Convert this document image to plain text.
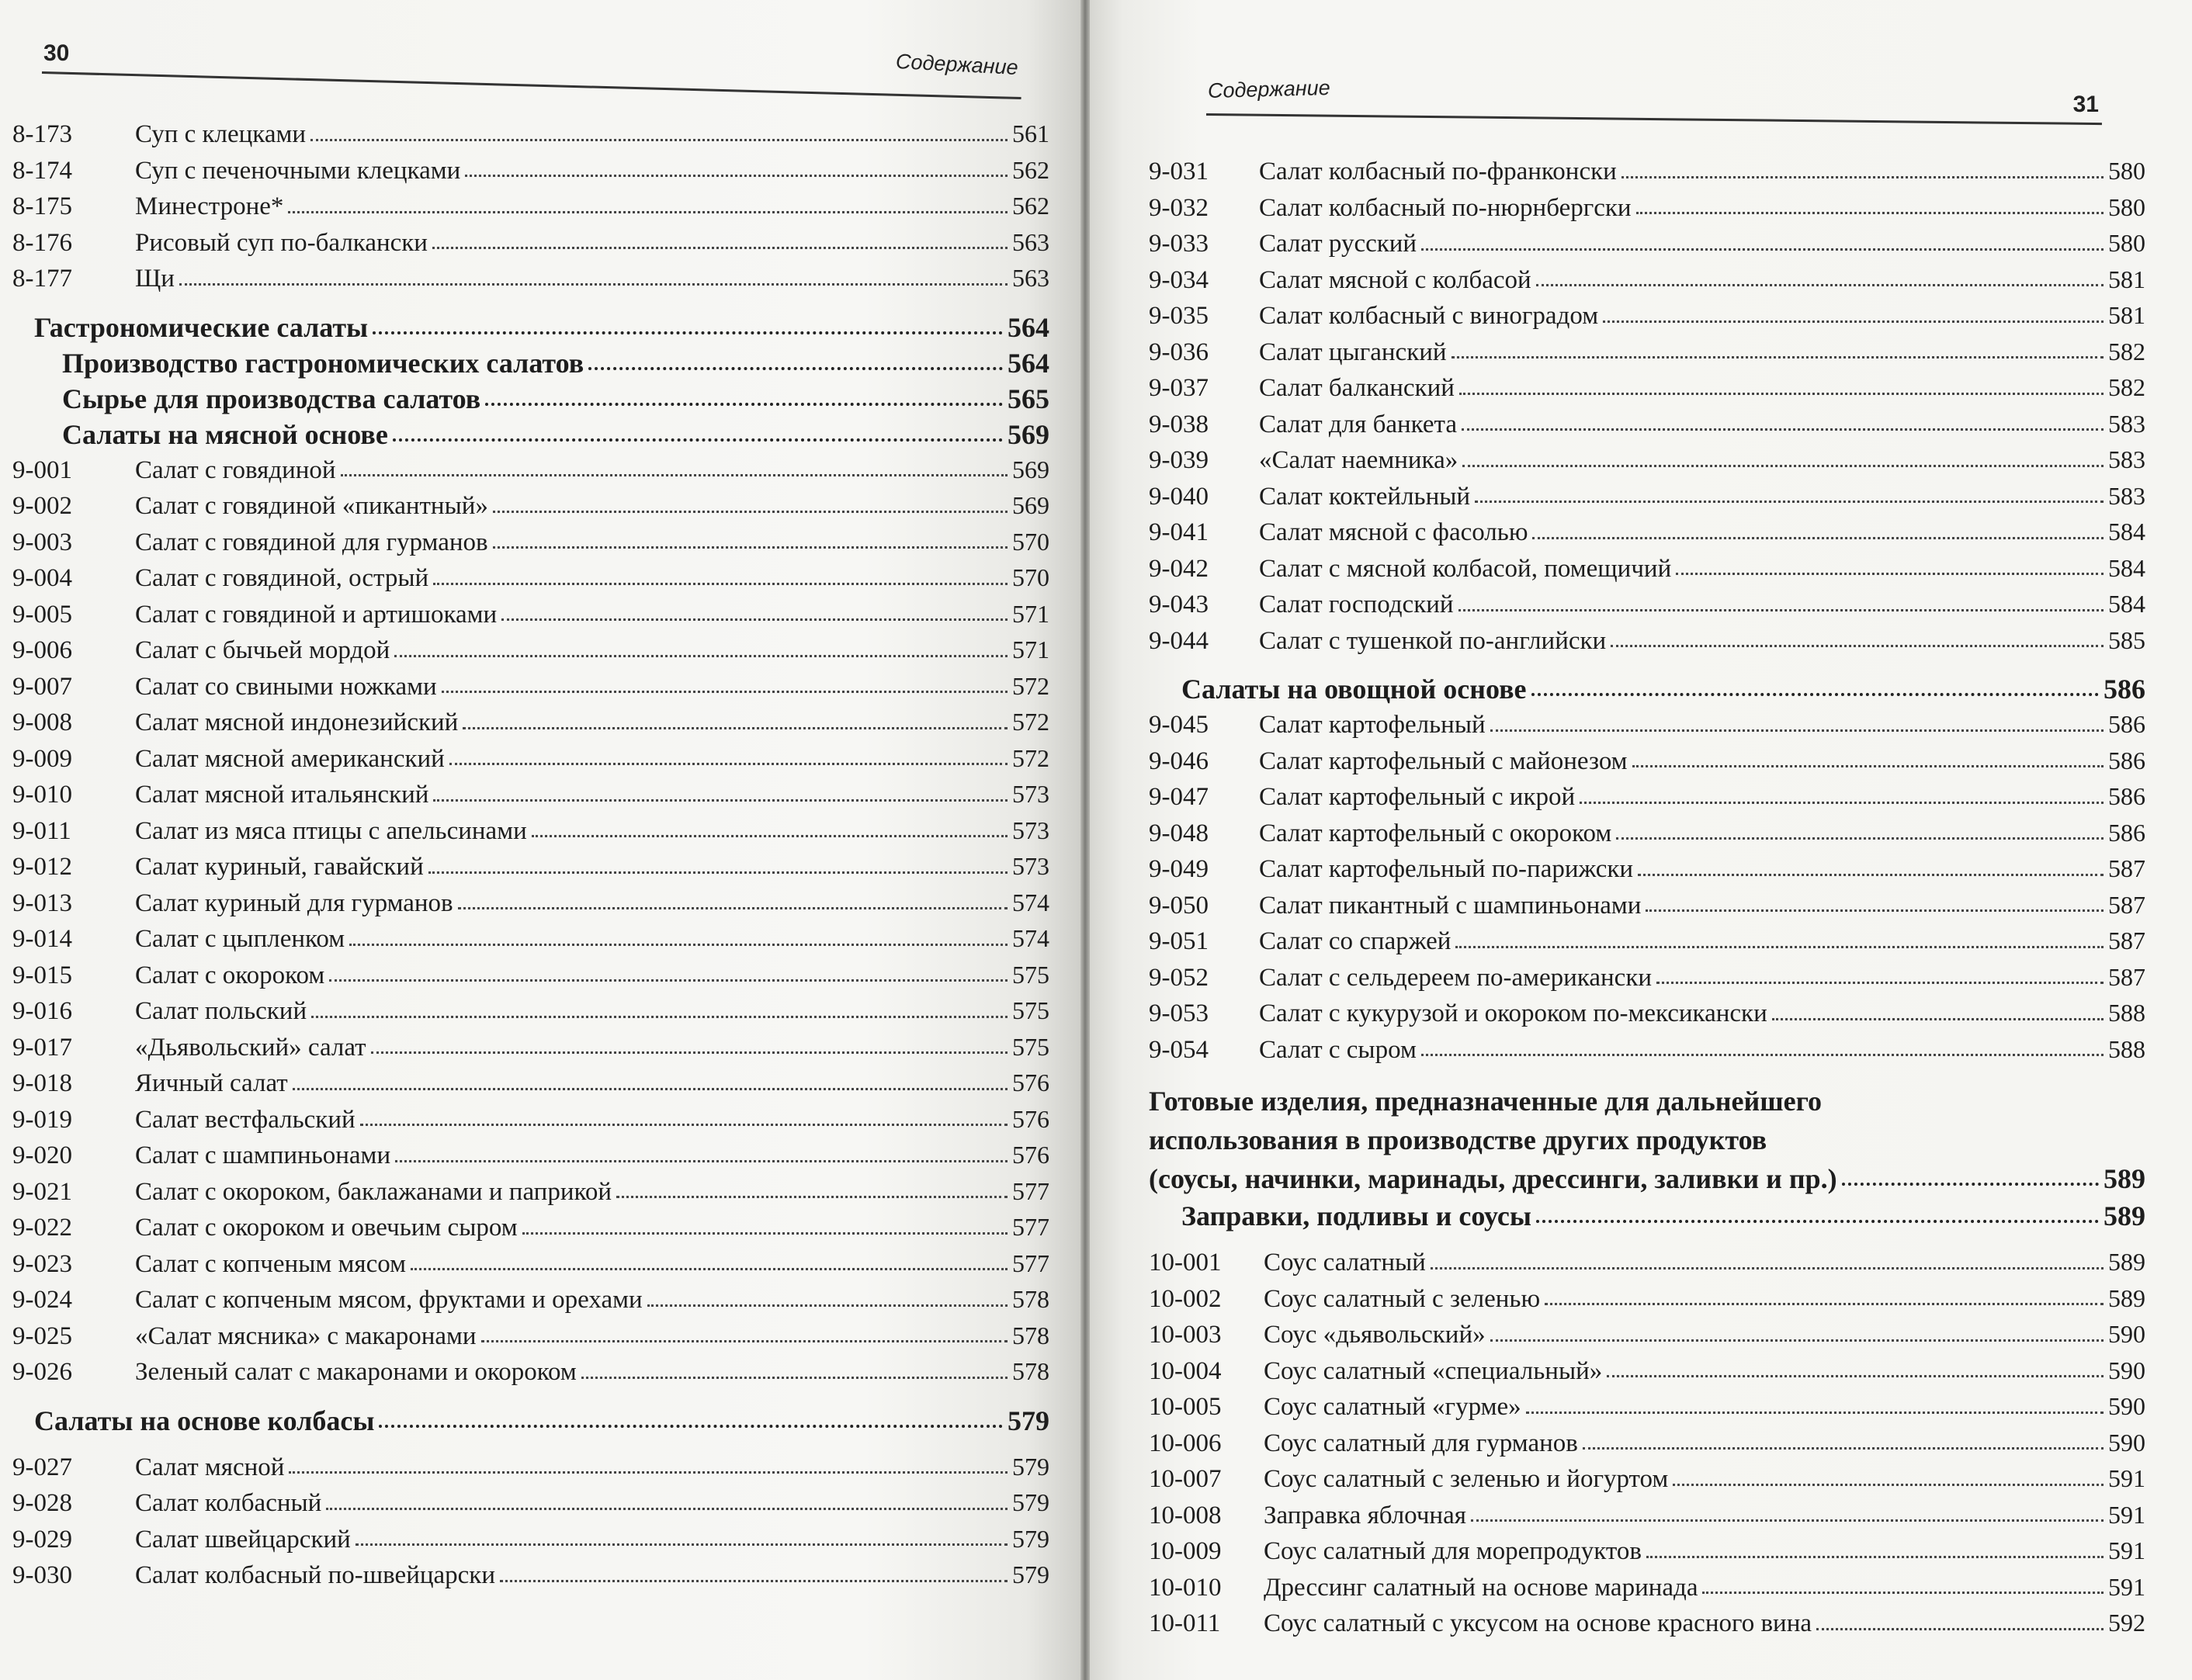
30	Содержание
8-173	Суп с клецками	561
8-174	Суп с печеночными клецками	562
8-175	Минестроне*	562
8-176	Рисовый суп по-балкански	563
8-177	Щи	563
Гастрономические салаты	564
Производство гастрономических салатов	564
Сырье для производства салатов	565
Салаты на мясной основе	569
9-001	Салат с говядиной	569
9-002	Салат с говядиной «пикантный»	569
9-003	Салат с говядиной для гурманов	570
9-004	Салат с говядиной, острый	570
9-005	Салат с говядиной и артишоками	571
9-006	Салат с бычьей мордой	571
9-007	Салат со свиными ножками	572
9-008	Салат мясной индонезийский	572
9-009	Салат мясной американский	572
9-010	Салат мясной итальянский	573
9-011	Салат из мяса птицы с апельсинами	573
9-012	Салат куриный, гавайский	573
9-013	Салат куриный для гурманов	574
9-014	Салат с цыпленком	574
9-015	Салат с окороком	575
9-016	Салат польский	575
9-017	«Дьявольский» салат	575
9-018	Яичный салат	576
9-019	Салат вестфальский	576
9-020	Салат с шампиньонами	576
9-021	Салат с окороком, баклажанами и паприкой	577
9-022	Салат с окороком и овечьим сыром	577
9-023	Салат с копченым мясом	577
9-024	Салат с копченым мясом, фруктами и орехами	578
9-025	«Салат мясника» с макаронами	578
9-026	Зеленый салат с макаронами и окороком	578
Салаты на основе колбасы	579
9-027	Салат мясной	579
9-028	Салат колбасный	579
9-029	Салат швейцарский	579
9-030	Салат колбасный по-швейцарски	579
Содержание
31
9-031	Салат колбасный по-франконски	580
9-032	Салат колбасный по-нюрнбергски	580
9-033	Салат русский	580
9-034	Салат мясной с колбасой	581
9-035	Салат колбасный с виноградом	581
9-036	Салат цыганский	582
9-037	Салат балканский	582
9-038	Салат для банкета	583
9-039	«Салат наемника»	583
9-040	Салат коктейльный	583
9-041	Салат мясной с фасолью	584
9-042	Салат с мясной колбасой, помещичий	584
9-043	Салат господский	584
9-044	Салат с тушенкой по-английски	585
Салаты на овощной основе	586
9-045	Салат картофельный	586
9-046	Салат картофельный с майонезом	586
9-047	Салат картофельный с икрой	586
9-048	Салат картофельный с окороком	586
9-049	Салат картофельный по-парижски	587
9-050	Салат пикантный с шампиньонами	587
9-051	Салат со спаржей	587
9-052	Салат с сельдереем по-американски	587
9-053	Салат с кукурузой и окороком по-мексикански	588
9-054	Салат с сыром	588
Готовые изделия, предназначенные для дальнейшего
использования в производстве других продуктов
(соусы, начинки, маринады, дрессинги, заливки и пр.)	589
Заправки, подливы и соусы	589
10-001	Соус салатный	589
10-002	Соус салатный с зеленью	589
10-003	Соус «дьявольский»	590
10-004	Соус салатный «специальный»	590
10-005	Соус салатный «гурме»	590
10-006	Соус салатный для гурманов	590
10-007	Соус салатный с зеленью и йогуртом	591
10-008	Заправка яблочная	591
10-009	Соус салатный для морепродуктов	591
10-010	Дрессинг салатный на основе маринада	591
10-011	Соус салатный с уксусом на основе красного вина	592
